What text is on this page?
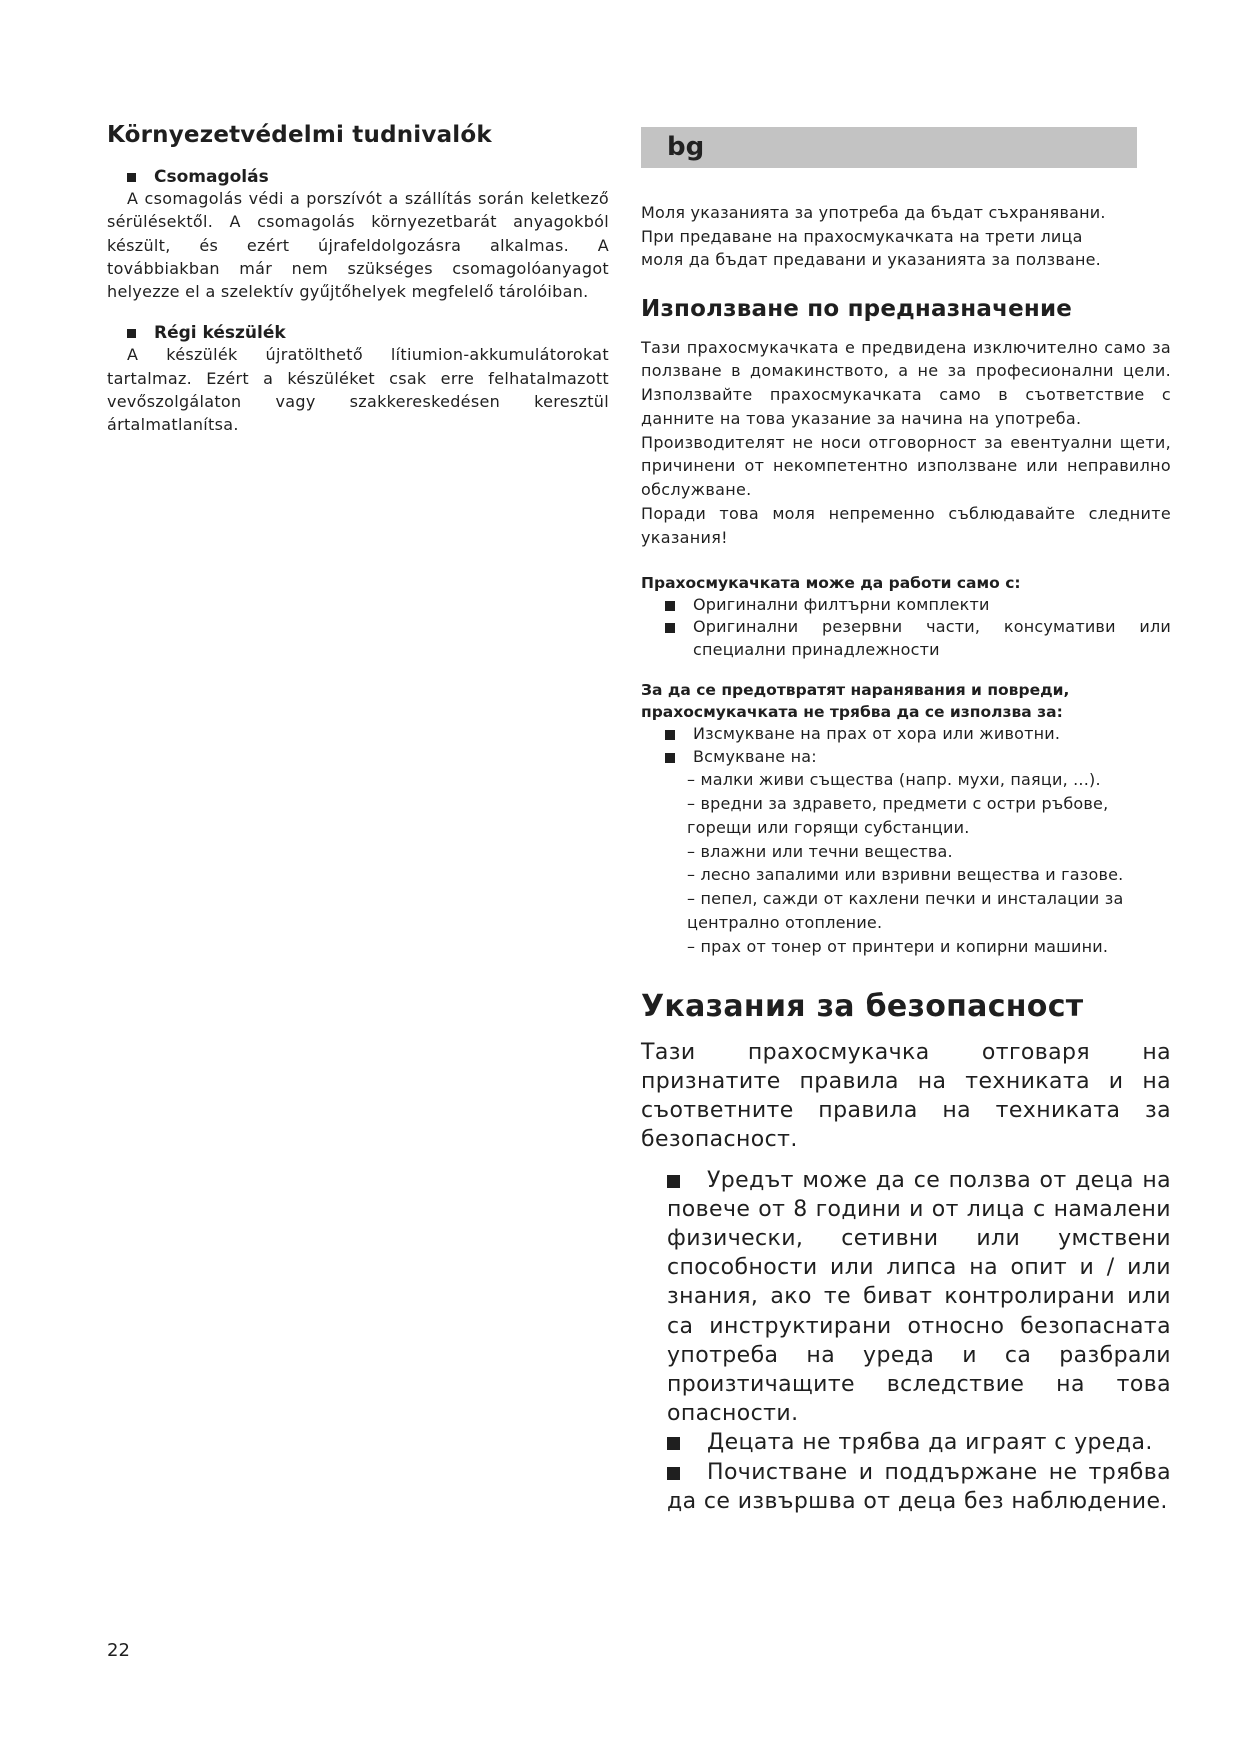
Környezetvédelmi tudnivalók

Csomagolás

A csomagolás védi a porszívót a szállítás során keletkező sérülésektől. A csomagolás környezetbarát anyagokból készült, és ezért újrafeldolgozásra alkalmas. A továbbiakban már nem szükséges csomagolóanyagot helyezze el a szelektív gyűjtőhelyek megfelelő tárolóiban.

Régi készülék

A készülék újratölthető lítiumion-akkumulátorokat tartalmaz. Ezért a készüléket csak erre felhatalmazott vevőszolgálaton vagy szakkereskedésen keresztül ártalmatlanítsa.

bg

Моля указанията за употреба да бъдат съхранявани.

При предаване на прахосмукачката на трети лица

моля да бъдат предавани и указанията за ползване.

Използване по предназначение

Тази прахосмукачката е предвидена изключително само за ползване в домакинството, а не за професионални цели. Използвайте прахосмукачката само в съответствие с данните на това указание за начина на употреба.

Производителят не носи отговорност за евентуални щети, причинени от некомпетентно използване или неправилно обслужване.

Поради това моля непременно съблюдавайте следните указания!

Прахосмукачката може да работи само с:

Оригинални филтърни комплекти
Оригинални резервни части, консумативи или специални принадлежности

За да се предотвратят наранявания и повреди,

прахосмукачката не трябва да се използва за:

Изсмукване на прах от хора или животни.
Всмукване на:
– малки живи същества (напр. мухи, паяци, ...).
– вредни за здравето, предмети с остри ръбове,
горещи или горящи субстанции.
– влажни или течни вещества.
– лесно запалими или взривни вещества и газове.
– пепел, сажди от кахлени печки и инсталации за
централно отопление.
– прах от тонер от принтери и копирни машини.
Указания за безопасност

Тази прахосмукачка отговаря на признатите правила на техниката и на съответните правила на техниката за безопасност.

Уредът може да се ползва от деца на повече от 8 години и от лица с намалени физически, сетивни или умствени способности или липса на опит и / или знания, ако те биват контролирани или са инструктирани относно безопасната употреба на уреда и са разбрали произтичащите вследствие на това опасности.
Децата не трябва да играят с уреда.
Почистване и поддържане не трябва да се извършва от деца без наблюдение.
22
